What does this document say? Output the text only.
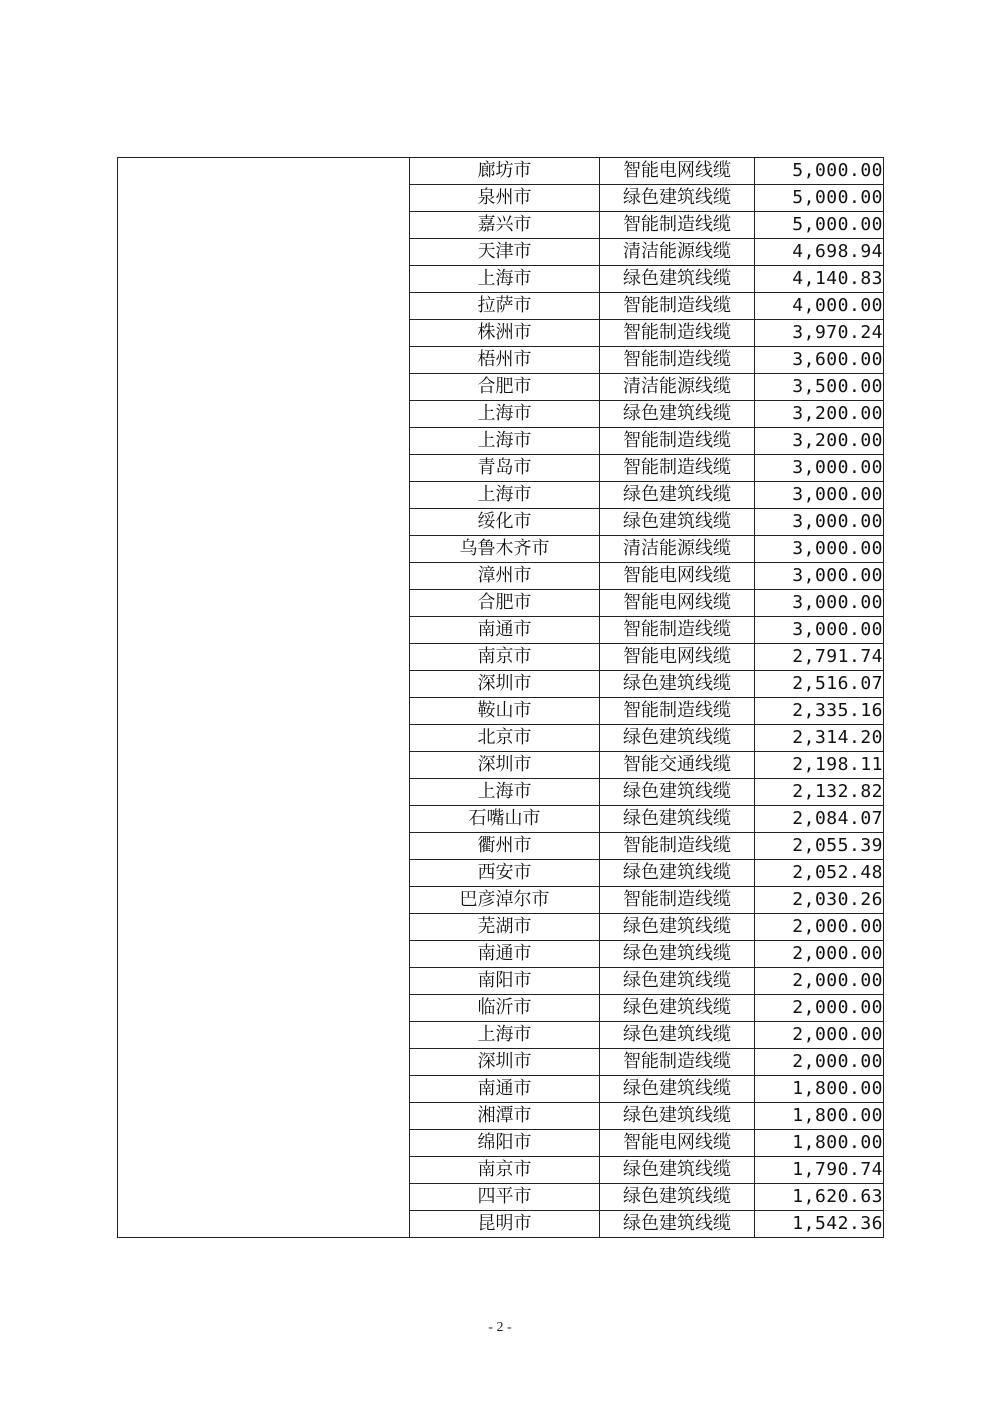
	廊坊市	智能电网线缆	5,000.00
	泉州市	绿色建筑线缆	5,000.00
	嘉兴市	智能制造线缆	5,000.00
	天津市	清洁能源线缆	4,698.94
	上海市	绿色建筑线缆	4,140.83
	拉萨市	智能制造线缆	4,000.00
	株洲市	智能制造线缆	3,970.24
	梧州市	智能制造线缆	3,600.00
	合肥市	清洁能源线缆	3,500.00
	上海市	绿色建筑线缆	3,200.00
	上海市	智能制造线缆	3,200.00
	青岛市	智能制造线缆	3,000.00
	上海市	绿色建筑线缆	3,000.00
	绥化市	绿色建筑线缆	3,000.00
	乌鲁木齐市	清洁能源线缆	3,000.00
	漳州市	智能电网线缆	3,000.00
	合肥市	智能电网线缆	3,000.00
	南通市	智能制造线缆	3,000.00
	南京市	智能电网线缆	2,791.74
	深圳市	绿色建筑线缆	2,516.07
	鞍山市	智能制造线缆	2,335.16
	北京市	绿色建筑线缆	2,314.20
	深圳市	智能交通线缆	2,198.11
	上海市	绿色建筑线缆	2,132.82
	石嘴山市	绿色建筑线缆	2,084.07
	衢州市	智能制造线缆	2,055.39
	西安市	绿色建筑线缆	2,052.48
	巴彦淖尔市	智能制造线缆	2,030.26
	芜湖市	绿色建筑线缆	2,000.00
	南通市	绿色建筑线缆	2,000.00
	南阳市	绿色建筑线缆	2,000.00
	临沂市	绿色建筑线缆	2,000.00
	上海市	绿色建筑线缆	2,000.00
	深圳市	智能制造线缆	2,000.00
	南通市	绿色建筑线缆	1,800.00
	湘潭市	绿色建筑线缆	1,800.00
	绵阳市	智能电网线缆	1,800.00
	南京市	绿色建筑线缆	1,790.74
	四平市	绿色建筑线缆	1,620.63
	昆明市	绿色建筑线缆	1,542.36
- 2 -
